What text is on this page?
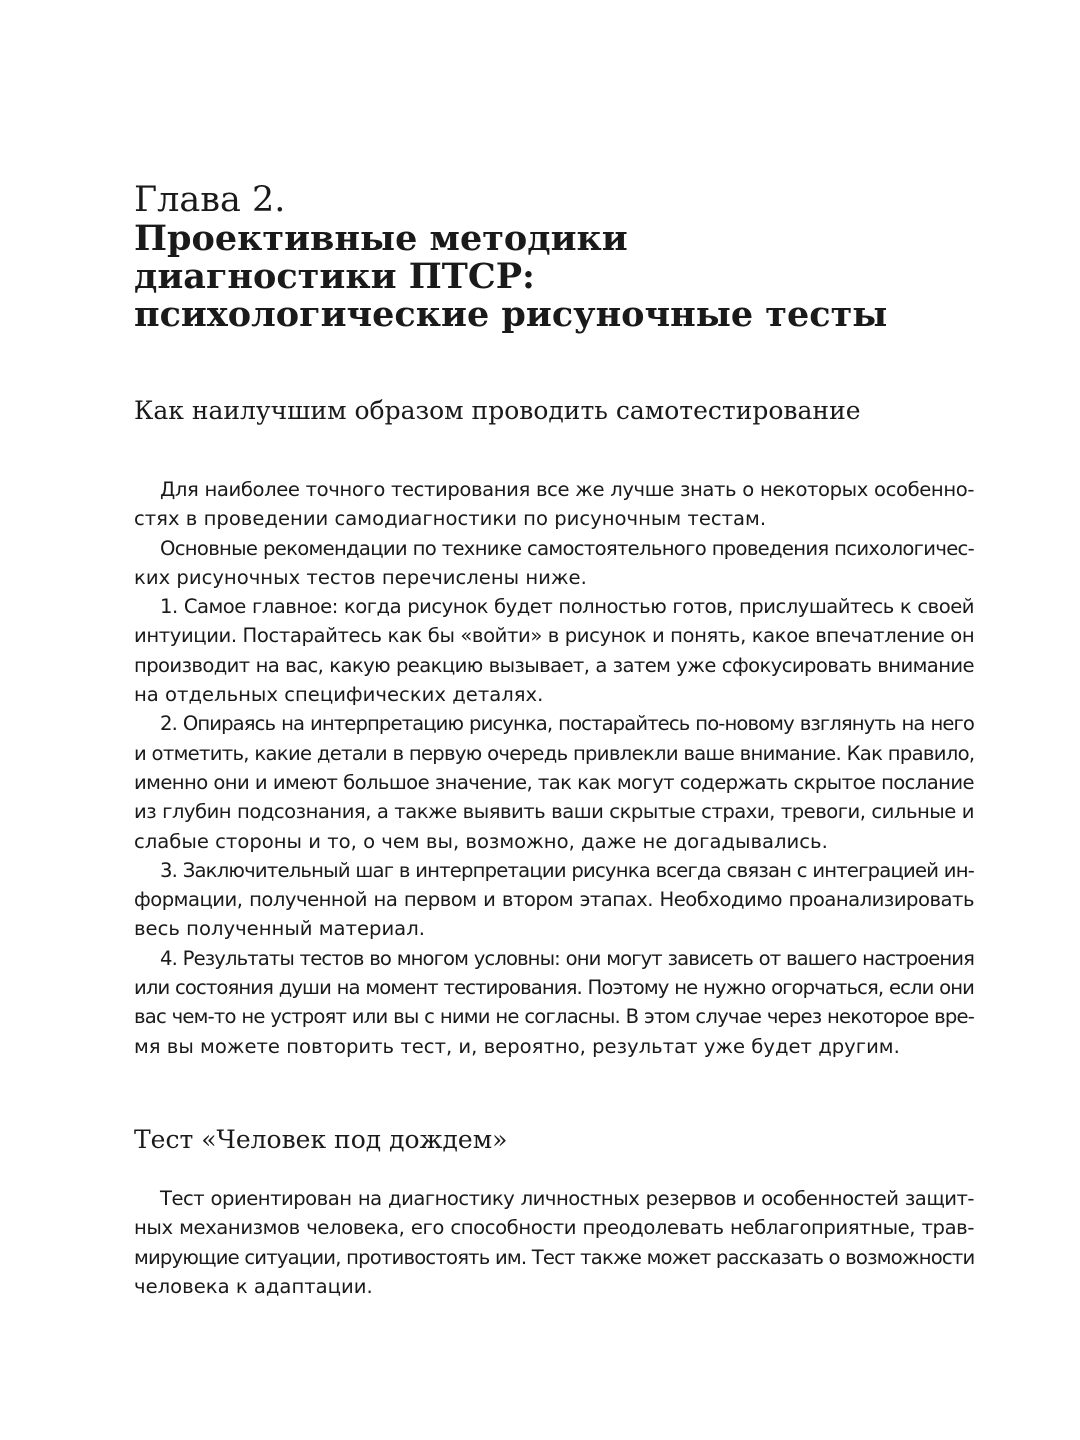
Глава 2.
Проективные методики
диагностики ПТСР:
психологические рисуночные тесты
Как наилучшим образом проводить самотестирование

Для наиболее точного тестирования все же лучше знать о некоторых особенно-
стях в проведении самодиагностики по рисуночным тестам.

Основные рекомендации по технике самостоятельного проведения психологичес-
ких рисуночных тестов перечислены ниже.

1. Самое главное: когда рисунок будет полностью готов, прислушайтесь к своей
интуиции. Постарайтесь как бы «войти» в рисунок и понять, какое впечатление он
производит на вас, какую реакцию вызывает, а затем уже сфокусировать внимание
на отдельных специфических деталях.

2. Опираясь на интерпретацию рисунка, постарайтесь по-новому взглянуть на него
и отметить, какие детали в первую очередь привлекли ваше внимание. Как правило,
именно они и имеют большое значение, так как могут содержать скрытое послание
из глубин подсознания, а также выявить ваши скрытые страхи, тревоги, сильные и
слабые стороны и то, о чем вы, возможно, даже не догадывались.

3. Заключительный шаг в интерпретации рисунка всегда связан с интеграцией ин-
формации, полученной на первом и втором этапах. Необходимо проанализировать
весь полученный материал.

4. Результаты тестов во многом условны: они могут зависеть от вашего настроения
или состояния души на момент тестирования. Поэтому не нужно огорчаться, если они
вас чем-то не устроят или вы с ними не согласны. В этом случае через некоторое вре-
мя вы можете повторить тест, и, вероятно, результат уже будет другим.

Тест «Человек под дождем»

Тест ориентирован на диагностику личностных резервов и особенностей защит-
ных механизмов человека, его способности преодолевать неблагоприятные, трав-
мирующие ситуации, противостоять им. Тест также может рассказать о возможности
человека к адаптации.
